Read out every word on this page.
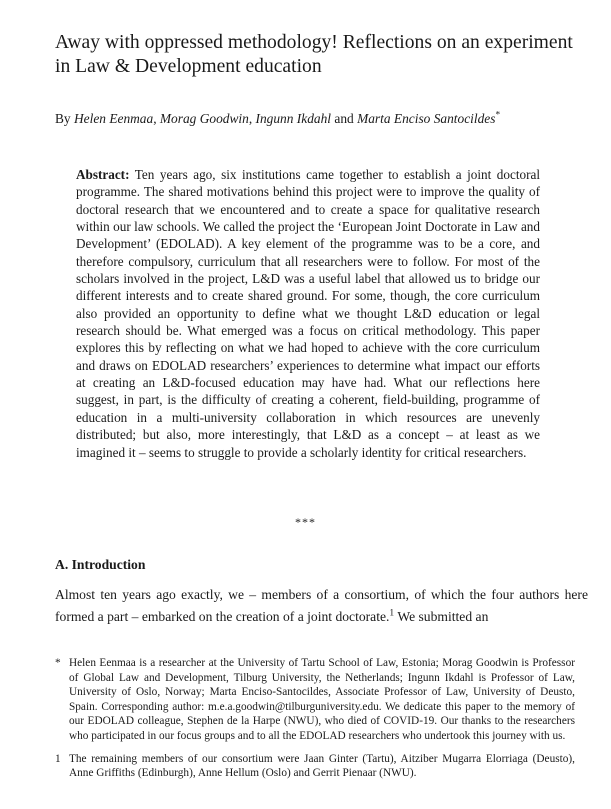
Away with oppressed methodology! Reflections on an experiment in Law & Development education
By Helen Eenmaa, Morag Goodwin, Ingunn Ikdahl and Marta Enciso Santocildes*
Abstract: Ten years ago, six institutions came together to establish a joint doctoral programme. The shared motivations behind this project were to improve the quality of doctoral research that we encountered and to create a space for qualitative research within our law schools. We called the project the ‘European Joint Doctorate in Law and Development’ (EDOLAD). A key element of the programme was to be a core, and therefore compulsory, curriculum that all researchers were to follow. For most of the scholars involved in the project, L&D was a useful label that allowed us to bridge our different interests and to create shared ground. For some, though, the core curriculum also provided an opportunity to define what we thought L&D education or legal research should be. What emerged was a focus on critical methodology. This paper explores this by reflecting on what we had hoped to achieve with the core curriculum and draws on EDOLAD researchers’ experiences to determine what impact our efforts at creating an L&D-focused education may have had. What our reflections here suggest, in part, is the difficulty of creating a coherent, field-building, programme of education in a multi-university collaboration in which resources are unevenly distributed; but also, more interestingly, that L&D as a concept – at least as we imagined it – seems to struggle to provide a scholarly identity for critical researchers.
***
A. Introduction
Almost ten years ago exactly, we – members of a consortium, of which the four authors here formed a part – embarked on the creation of a joint doctorate.$^1$ We submitted an
* Helen Eenmaa is a researcher at the University of Tartu School of Law, Estonia; Morag Goodwin is Professor of Global Law and Development, Tilburg University, the Netherlands; Ingunn Ikdahl is Professor of Law, University of Oslo, Norway; Marta Enciso-Santocildes, Associate Professor of Law, University of Deusto, Spain. Corresponding author: m.e.a.goodwin@tilburguniversity.edu. We dedicate this paper to the memory of our EDOLAD colleague, Stephen de la Harpe (NWU), who died of COVID-19. Our thanks to the researchers who participated in our focus groups and to all the EDOLAD researchers who undertook this journey with us.
1 The remaining members of our consortium were Jaan Ginter (Tartu), Aitziber Mugarra Elorriaga (Deusto), Anne Griffiths (Edinburgh), Anne Hellum (Oslo) and Gerrit Pienaar (NWU).
